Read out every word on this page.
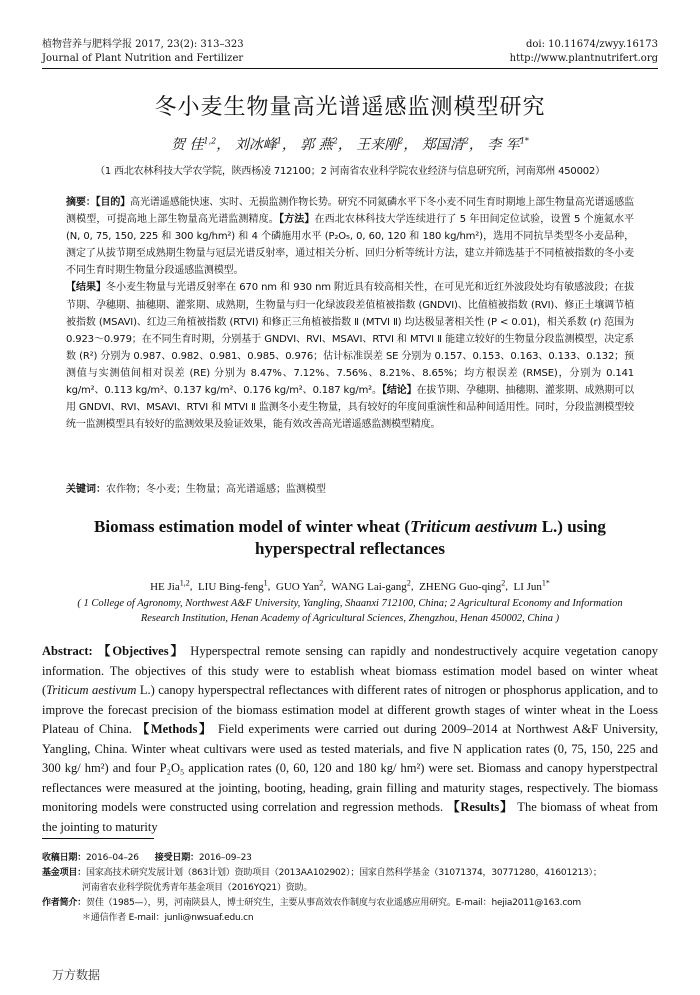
植物营养与肥料学报 2017, 23(2): 313–323
Journal of Plant Nutrition and Fertilizer
doi: 10.11674/zwyy.16173
http://www.plantnutrifert.org
冬小麦生物量高光谱遥感监测模型研究
贺 佳$^{1,2}$， 刘冰峰$^1$， 郭 燕$^2$， 王来刚$^2$， 郑国清$^2$， 李 军$^{1*}$
（1 西北农林科技大学农学院，陕西杨凌 712100；2 河南省农业科学院农业经济与信息研究所，河南郑州 450002）
摘要：【目的】高光谱遥感能快速、实时、无损监测作物长势。研究不同氮磷水平下冬小麦不同生育时期地上部生物量高光谱遥感监测模型，可提高地上部生物量高光谱监测精度。【方法】在西北农林科技大学连续进行了 5 年田间定位试验，设置 5 个施氮水平 (N, 0, 75, 150, 225 和 300 kg/hm²) 和 4 个磷施用水平 (P₂O₅, 0, 60, 120 和 180 kg/hm²)，选用不同抗旱类型冬小麦品种，测定了从拔节期至成熟期生物量与冠层光谱反射率，通过相关分析、回归分析等统计方法，建立并筛选基于不同植被指数的冬小麦不同生育时期生物量分段遥感监测模型。
【结果】冬小麦生物量与光谱反射率在 670 nm 和 930 nm 附近具有较高相关性，在可见光和近红外波段处均有敏感波段；在拔节期、孕穗期、抽穗期、灌浆期、成熟期，生物量与归一化绿波段差值植被指数 (GNDVI)、比值植被指数 (RVI)、修正土壤调节植被指数 (MSAVI)、红边三角植被指数 (RTVI) 和修正三角植被指数 Ⅱ (MTVI Ⅱ) 均达极显著相关性 (P < 0.01)，相关系数 (r) 范围为 0.923～0.979；在不同生育时期，分别基于 GNDVI、RVI、MSAVI、RTVI 和 MTVI Ⅱ 能建立较好的生物量分段监测模型，决定系数 (R²) 分别为 0.987、0.982、0.981、0.985、0.976；估计标准误差 SE 分别为 0.157、0.153、0.163、0.133、0.132；预测值与实测值间相对误差 (RE) 分别为 8.47%、7.12%、7.56%、8.21%、8.65%；均方根误差 (RMSE)，分别为 0.141 kg/m²、0.113 kg/m²、0.137 kg/m²、0.176 kg/m²、0.187 kg/m²。【结论】在拔节期、孕穗期、抽穗期、灌浆期、成熟期可以用 GNDVI、RVI、MSAVI、RTVI 和 MTVI Ⅱ 监测冬小麦生物量，具有较好的年度间重演性和品种间适用性。同时，分段监测模型较统一监测模型具有较好的监测效果及验证效果，能有效改善高光谱遥感监测模型精度。
关键词：农作物；冬小麦；生物量；高光谱遥感；监测模型
Biomass estimation model of winter wheat (Triticum aestivum L.) using hyperspectral reflectances
HE Jia$^{1,2}$,  LIU Bing-feng$^1$,  GUO Yan$^2$,  WANG Lai-gang$^2$,  ZHENG Guo-qing$^2$,  LI Jun$^{1*}$
( 1 College of Agronomy, Northwest A&F University, Yangling, Shaanxi 712100, China; 2 Agricultural Economy and Information Research Institution, Henan Academy of Agricultural Sciences, Zhengzhou, Henan 450002, China )
Abstract: 【Objectives】 Hyperspectral remote sensing can rapidly and nondestructively acquire vegetation canopy information. The objectives of this study were to establish wheat biomass estimation model based on winter wheat (Triticum aestivum L.) canopy hyperspectral reflectances with different rates of nitrogen or phosphorus application, and to improve the forecast precision of the biomass estimation model at different growth stages of winter wheat in the Loess Plateau of China. 【Methods】 Field experiments were carried out during 2009–2014 at Northwest A&F University, Yangling, China. Winter wheat cultivars were used as tested materials, and five N application rates (0, 75, 150, 225 and 300 kg/ hm²) and four P₂O₅ application rates (0, 60, 120 and 180 kg/ hm²) were set. Biomass and canopy hyperstpectral reflectances were measured at the jointing, booting, heading, grain filling and maturity stages, respectively. The biomass monitoring models were constructed using correlation and regression methods. 【Results】 The biomass of wheat from the jointing to maturity
收稿日期：2016–04–26 接受日期：2016–09–23
基金项目：国家高技术研究发展计划（863计划）资助项目（2013AA102902）；国家自然科学基金（31071374，30771280，41601213）；
河南省农业科学院优秀青年基金项目（2016YQ21）资助。
作者简介：贺佳（1985—），男，河南陕县人，博士研究生，主要从事高效农作制度与农业遥感应用研究。E-mail：hejia2011@163.com
＊通信作者 E-mail：junli@nwsuaf.edu.cn
万方数据
